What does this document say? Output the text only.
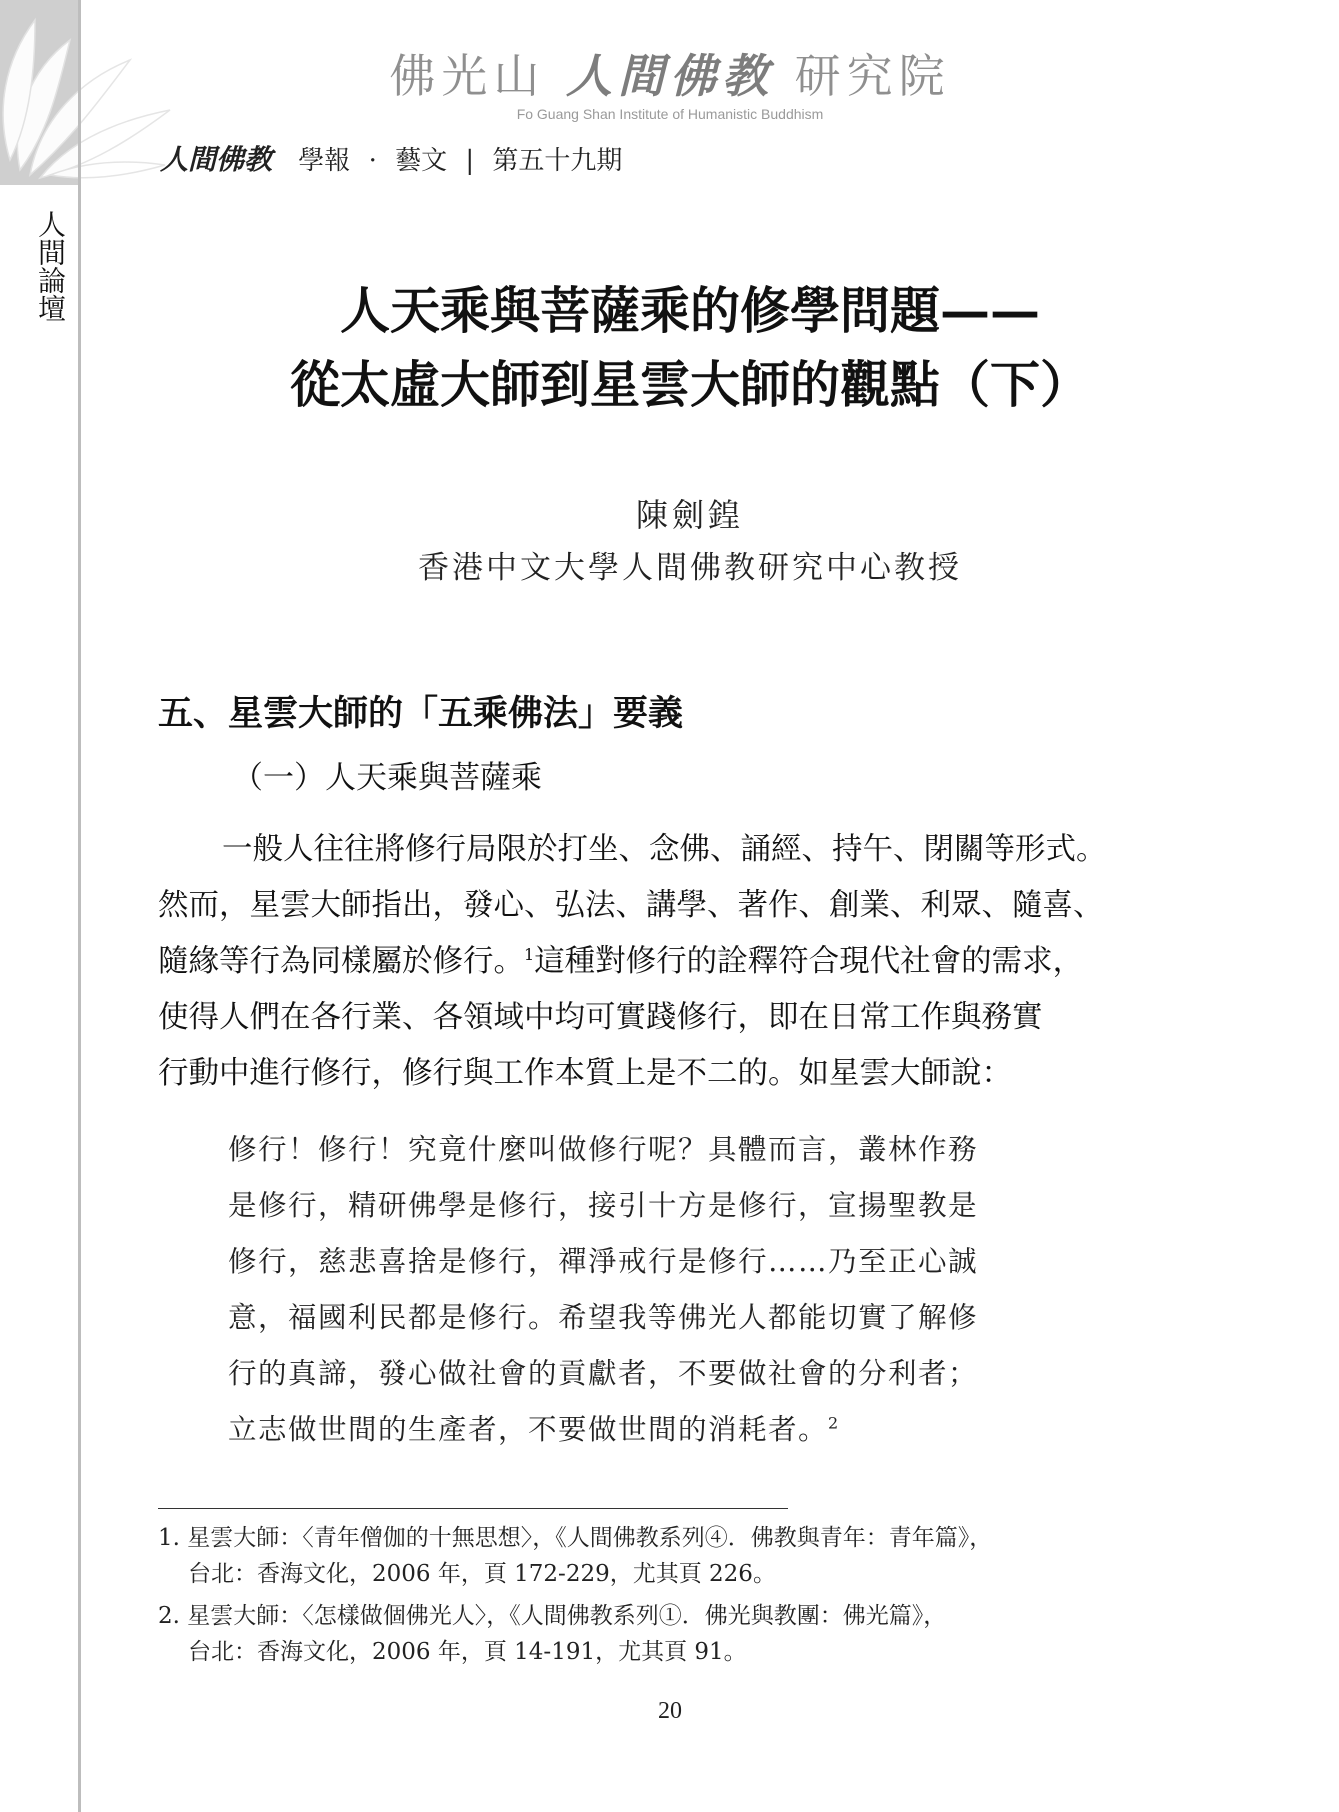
人間論壇
佛光山 人間佛教 研究院
Fo Guang Shan Institute of Humanistic Buddhism
人間佛教 學報 · 藝文 | 第五十九期
人天乘與菩薩乘的修學問題——
從太虛大師到星雲大師的觀點（下）
陳劍鍠
香港中文大學人間佛教研究中心教授
五、星雲大師的「五乘佛法」要義
（一）人天乘與菩薩乘
一般人往往將修行局限於打坐、念佛、誦經、持午、閉關等形式。
然而，星雲大師指出，發心、弘法、講學、著作、創業、利眾、隨喜、
隨緣等行為同樣屬於修行。$^1$這種對修行的詮釋符合現代社會的需求，
使得人們在各行業、各領域中均可實踐修行，即在日常工作與務實
行動中進行修行，修行與工作本質上是不二的。如星雲大師說：
修行！修行！究竟什麼叫做修行呢？具體而言，叢林作務
是修行，精研佛學是修行，接引十方是修行，宣揚聖教是
修行，慈悲喜捨是修行，禪淨戒行是修行……乃至正心誠
意，福國利民都是修行。希望我等佛光人都能切實了解修
行的真諦，發心做社會的貢獻者，不要做社會的分利者；
立志做世間的生產者，不要做世間的消耗者。$^2$
1. 星雲大師：〈青年僧伽的十無思想〉，《人間佛教系列④．佛教與青年：青年篇》，
台北：香海文化，2006 年，頁 172-229，尤其頁 226。
2. 星雲大師：〈怎樣做個佛光人〉，《人間佛教系列①．佛光與教團：佛光篇》，
台北：香海文化，2006 年，頁 14-191，尤其頁 91。
20
